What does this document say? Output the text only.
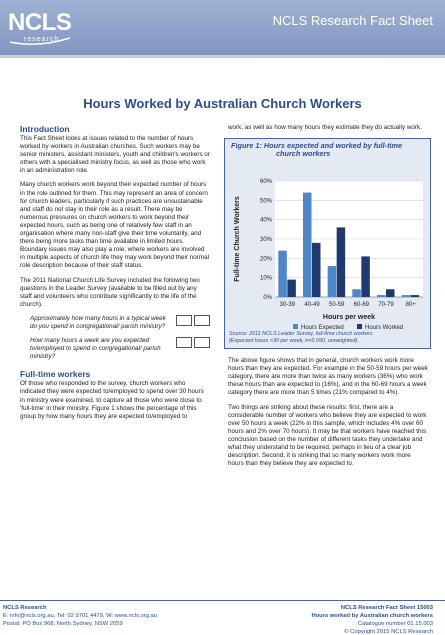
NCLS
research
NCLS Research Fact Sheet
Hours Worked by Australian Church Workers
Introduction

This Fact Sheet looks at issues related to the number of hours worked by workers in Australian churches. Such workers may be senior ministers, assistant ministers, youth and children's workers or others with a specialised ministry focus, as well as those who work in an administration role.

Many church workers work beyond their expected number of hours in the role outlined for them. This may represent an area of concern for church leaders, particularly if such practices are unsustainable and staff do not stay in their role as a result. There may be numerous pressures on church workers to work beyond their expected hours, such as being one of relatively few staff in an organisation where many non-staff give their time voluntarily, and there being more tasks than time available in limited hours. Boundary issues may also play a role; where workers are involved in multiple aspects of church life they may work beyond their normal role description because of their staff status.

The 2011 National Church Life Survey included the following two questions in the Leader Survey (available to be filled out by any staff and volunteers who contribute significantly to the life of the church).

Approximately how many hours in a typical week do you spend in congregational/ parish ministry?
How many hours a week are you expected to/employed to spend in congregational/ parish ministry?
Full-time workers

Of those who responded to the survey, church workers who indicated they were expected to/employed to spend over 30 hours in ministry were examined, to capture all those who were close to 'full-time' in their ministry. Figure 1 shows the percentage of this group by how many hours they are expected to/employed to

work, as well as how many hours they estimate they do actually work.

0%
10%
20%
30%
40%
50%
60%
30-39 40-49 50-59 60-69 70-79 80+
Hours per week
Full-time Church Workers
Hours Expected	Hours Worked
Figure 1: Hours expected and worked by full-time
church workers
Source: 2011 NCLS Leader Survey, full-time church workers
(Expected hours >30 per week, n=2,090, unweighted).

The above figure shows that in general, church workers work more hours than they are expected. For example in the 50-59 hours per week category, there are more than twice as many workers (36%) who work these hours than are expected to (16%), and in the 60-69 hours a week category there are more than 5 times (21% compared to 4%).

Two things are striking about these results: first, there are a considerable number of workers who believe they are expected to work over 50 hours a week (22% in this sample, which includes 4% over 60 hours and 2% over 70 hours). It may be that workers have reached this conclusion based on the number of different tasks they undertake and what they understand to be required, perhaps in lieu of a clear job description. Second, it is striking that so many workers work more hours than they believe they are expected to.

NCLS Research
E: info@ncls.org.au, Tel: 02 9701 4479, W: www.ncls.org.au
Postal: PO Box 968, North Sydney, NSW 2059
NCLS Research Fact Sheet 15003
Hours worked by Australian church workers
Catalogue number 01.15.003
© Copyright 2015 NCLS Research
